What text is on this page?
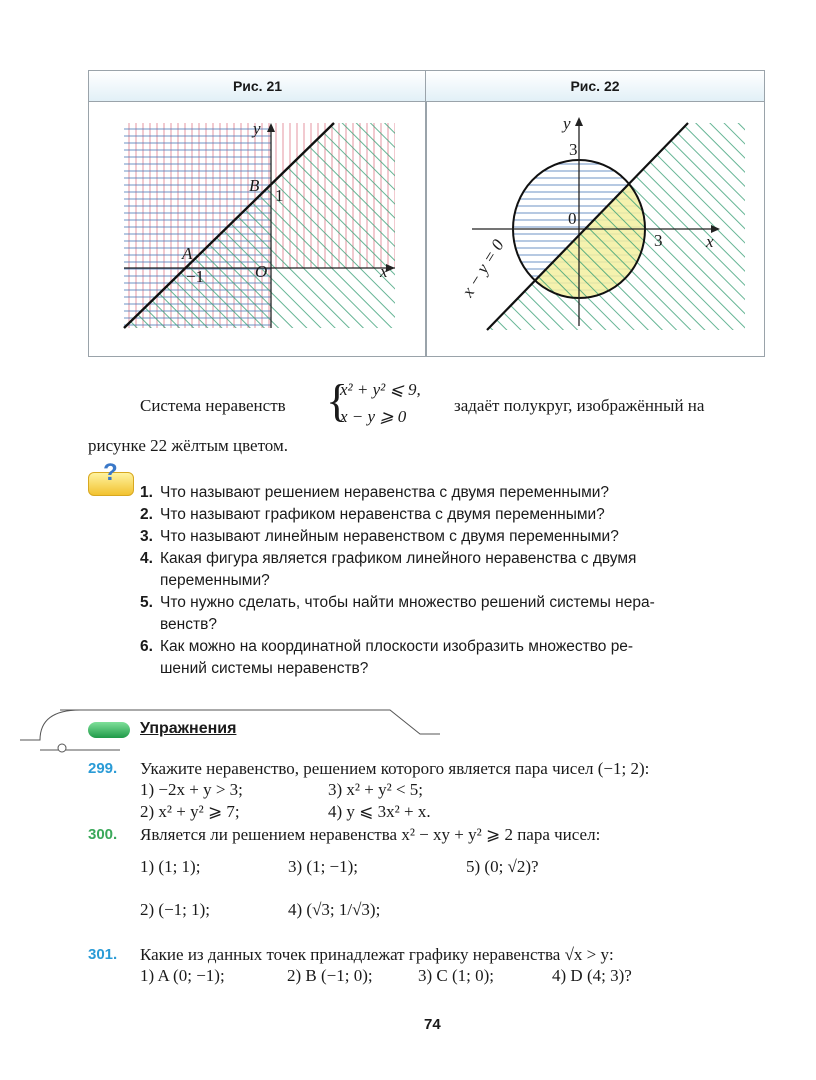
Рис. 21	Рис. 22
y
x
B
1
A
−1	O
y
x
3
3
0
x − y = 0
Система неравенств {
x² + y² ⩽ 9,
x − y ⩾ 0
задаёт полукруг, изображённый на
рисунке 22 жёлтым цветом.
?
1. Что называют решением неравенства с двумя переменными?
2. Что называют графиком неравенства с двумя переменными?
3. Что называют линейным неравенством с двумя переменными?
4. Какая фигура является графиком линейного неравенства с двумя
переменными?
5. Что нужно сделать, чтобы найти множество решений системы нера-
венств?
6. Как можно на координатной плоскости изобразить множество ре-
шений системы неравенств?
Упражнения
299. Укажите неравенство, решением которого является пара чисел (−1; 2):
1) −2x + y > 3;	3) x² + y² < 5;
2) x² + y² ⩾ 7;	4) y ⩽ 3x² + x.
300. Является ли решением неравенства x² − xy + y² ⩾ 2 пара чисел:
1) (1; 1);	3) (1; −1);	5) (0; √2)?
2) (−1; 1);	4) (√3; 1/√3);
301. Какие из данных точек принадлежат графику неравенства √x > y:
1) A (0; −1);	2) B (−1; 0);	3) C (1; 0);	4) D (4; 3)?
74
